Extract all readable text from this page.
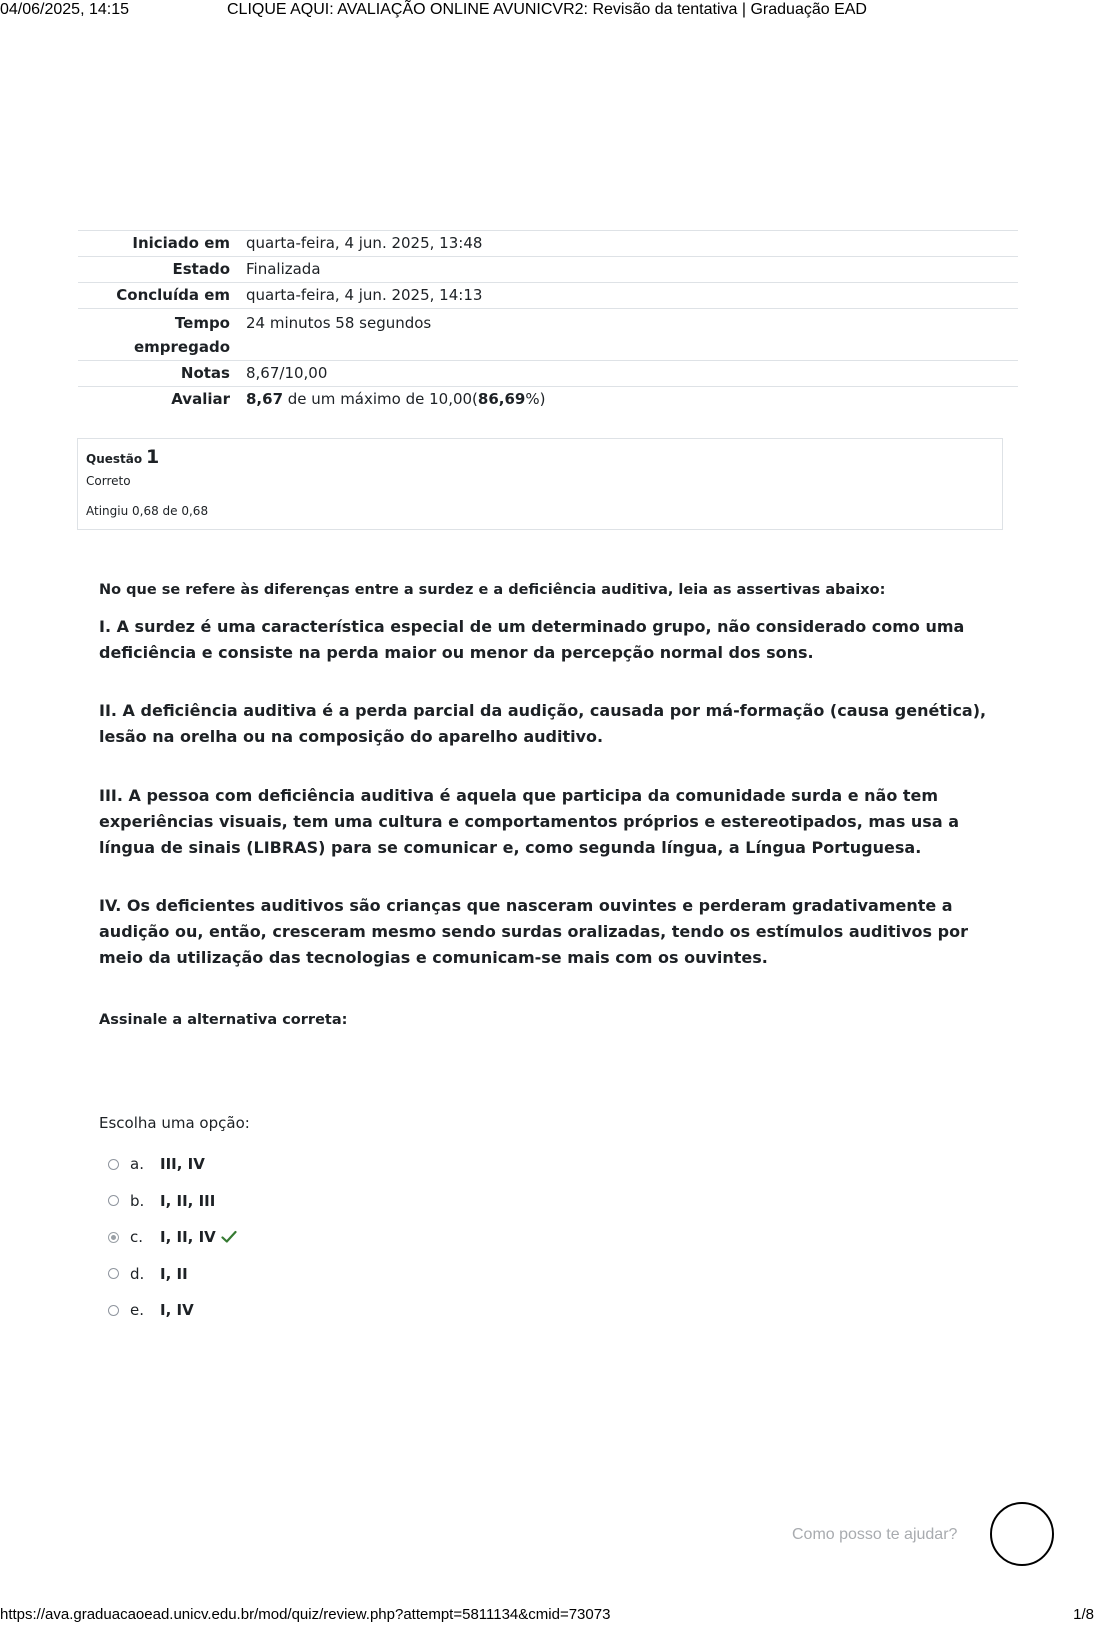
04/06/2025, 14:15	CLIQUE AQUI: AVALIAÇÃO ONLINE AVUNICVR2: Revisão da tentativa | Graduação EAD
Iniciado em	quarta-feira, 4 jun. 2025, 13:48
Estado	Finalizada
Concluída em	quarta-feira, 4 jun. 2025, 14:13
Tempo empregado	24 minutos 58 segundos
Notas	8,67/10,00
Avaliar	8,67 de um máximo de 10,00(86,69%)
Questão 1
Correto
Atingiu 0,68 de 0,68

No que se refere às diferenças entre a surdez e a deficiência auditiva, leia as assertivas abaixo:

I. A surdez é uma característica especial de um determinado grupo, não considerado como uma deficiência e consiste na perda maior ou menor da percepção normal dos sons.

II. A deficiência auditiva é a perda parcial da audição, causada por má-formação (causa genética), lesão na orelha ou na composição do aparelho auditivo.

III. A pessoa com deficiência auditiva é aquela que participa da comunidade surda e não tem experiências visuais, tem uma cultura e comportamentos próprios e estereotipados, mas usa a língua de sinais (LIBRAS) para se comunicar e, como segunda língua, a Língua Portuguesa.

IV. Os deficientes auditivos são crianças que nasceram ouvintes e perderam gradativamente a audição ou, então, cresceram mesmo sendo surdas oralizadas, tendo os estímulos auditivos por meio da utilização das tecnologias e comunicam-se mais com os ouvintes.

Assinale a alternativa correta:

Escolha uma opção:
a.	III, IV
b.	I, II, III
c.	I, II, IV
d.	I, II
e.	I, IV
Como posso te ajudar?
https://ava.graduacaoead.unicv.edu.br/mod/quiz/review.php?attempt=5811134&cmid=73073	1/8
